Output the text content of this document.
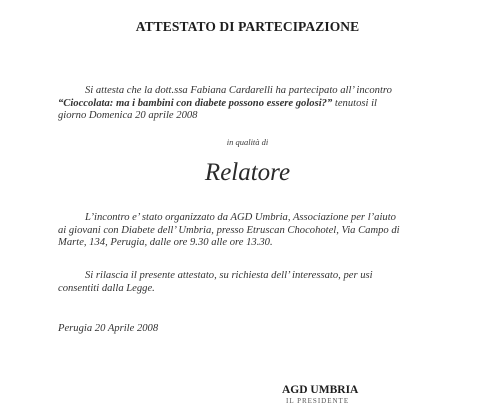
ATTESTATO DI PARTECIPAZIONE
Si attesta che la dott.ssa Fabiana Cardarelli ha partecipato all’ incontro
“Cioccolata: ma i bambini con diabete possono essere golosi?” tenutosi il
giorno Domenica 20 aprile 2008
in qualità di
Relatore
L’incontro e’ stato organizzato da AGD Umbria, Associazione per l’aiuto
ai giovani con Diabete dell’ Umbria, presso Etruscan Chocohotel, Via Campo di
Marte, 134, Perugia, dalle ore 9.30 alle ore 13.30.
Si rilascia il presente attestato, su richiesta dell’ interessato, per usi
consentiti dalla Legge.
Perugia 20 Aprile 2008
AGD UMBRIA
IL PRESIDENTE
